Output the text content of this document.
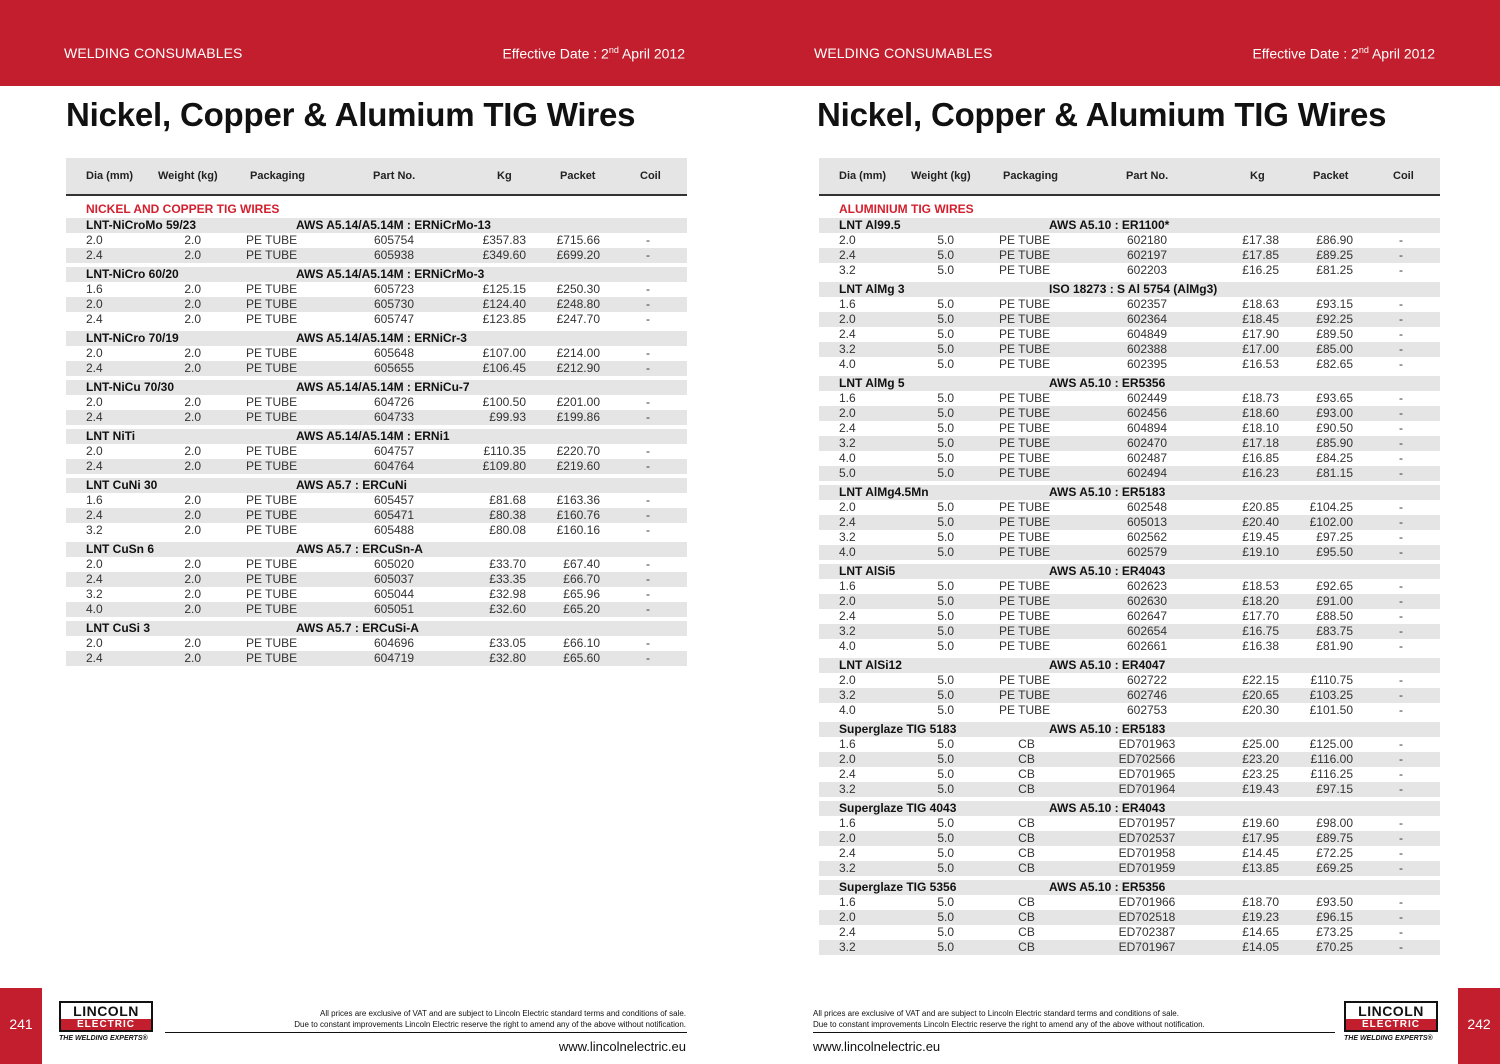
WELDING CONSUMABLES	Effective Date : 2nd April 2012
Nickel, Copper & Alumium TIG Wires
Dia (mm) Weight (kg)	Packaging	Part No.	Kg	Packet	Coil
NICKEL AND COPPER TIG WIRES
LNT-NiCroMo 59/23	AWS A5.14/A5.14M : ERNiCrMo-13
2.0	2.0	PE TUBE	605754	£357.83	£715.66	-
2.4	2.0	PE TUBE	605938	£349.60	£699.20	-
LNT-NiCro 60/20	AWS A5.14/A5.14M : ERNiCrMo-3
1.6	2.0	PE TUBE	605723	£125.15	£250.30	-
2.0	2.0	PE TUBE	605730	£124.40	£248.80	-
2.4	2.0	PE TUBE	605747	£123.85	£247.70	-
LNT-NiCro 70/19	AWS A5.14/A5.14M : ERNiCr-3
2.0	2.0	PE TUBE	605648	£107.00	£214.00	-
2.4	2.0	PE TUBE	605655	£106.45	£212.90	-
LNT-NiCu 70/30	AWS A5.14/A5.14M : ERNiCu-7
2.0	2.0	PE TUBE	604726	£100.50	£201.00	-
2.4	2.0	PE TUBE	604733	£99.93	£199.86	-
LNT NiTi	AWS A5.14/A5.14M : ERNi1
2.0	2.0	PE TUBE	604757	£110.35	£220.70	-
2.4	2.0	PE TUBE	604764	£109.80	£219.60	-
LNT CuNi 30	AWS A5.7 : ERCuNi
1.6	2.0	PE TUBE	605457	£81.68	£163.36	-
2.4	2.0	PE TUBE	605471	£80.38	£160.76	-
3.2	2.0	PE TUBE	605488	£80.08	£160.16	-
LNT CuSn 6	AWS A5.7 : ERCuSn-A
2.0	2.0	PE TUBE	605020	£33.70	£67.40	-
2.4	2.0	PE TUBE	605037	£33.35	£66.70	-
3.2	2.0	PE TUBE	605044	£32.98	£65.96	-
4.0	2.0	PE TUBE	605051	£32.60	£65.20	-
LNT CuSi 3	AWS A5.7 : ERCuSi-A
2.0	2.0	PE TUBE	604696	£33.05	£66.10	-
2.4	2.0	PE TUBE	604719	£32.80	£65.60	-
241
LINCOLN
ELECTRIC
THE WELDING EXPERTS®
All prices are exclusive of VAT and are subject to Lincoln Electric standard terms and conditions of sale.
Due to constant improvements Lincoln Electric reserve the right to amend any of the above without notification.
www.lincolnelectric.eu
WELDING CONSUMABLES	Effective Date : 2nd April 2012
Nickel, Copper & Alumium TIG Wires
Dia (mm) Weight (kg)	Packaging	Part No.	Kg	Packet	Coil
ALUMINIUM TIG WIRES
LNT Al99.5	AWS A5.10 : ER1100*
2.0	5.0	PE TUBE	602180	£17.38	£86.90	-
2.4	5.0	PE TUBE	602197	£17.85	£89.25	-
3.2	5.0	PE TUBE	602203	£16.25	£81.25	-
LNT AlMg 3	ISO 18273 : S Al 5754 (AlMg3)
1.6	5.0	PE TUBE	602357	£18.63	£93.15	-
2.0	5.0	PE TUBE	602364	£18.45	£92.25	-
2.4	5.0	PE TUBE	604849	£17.90	£89.50	-
3.2	5.0	PE TUBE	602388	£17.00	£85.00	-
4.0	5.0	PE TUBE	602395	£16.53	£82.65	-
LNT AlMg 5	AWS A5.10 : ER5356
1.6	5.0	PE TUBE	602449	£18.73	£93.65	-
2.0	5.0	PE TUBE	602456	£18.60	£93.00	-
2.4	5.0	PE TUBE	604894	£18.10	£90.50	-
3.2	5.0	PE TUBE	602470	£17.18	£85.90	-
4.0	5.0	PE TUBE	602487	£16.85	£84.25	-
5.0	5.0	PE TUBE	602494	£16.23	£81.15	-
LNT AlMg4.5Mn	AWS A5.10 : ER5183
2.0	5.0	PE TUBE	602548	£20.85	£104.25	-
2.4	5.0	PE TUBE	605013	£20.40	£102.00	-
3.2	5.0	PE TUBE	602562	£19.45	£97.25	-
4.0	5.0	PE TUBE	602579	£19.10	£95.50	-
LNT AlSi5	AWS A5.10 : ER4043
1.6	5.0	PE TUBE	602623	£18.53	£92.65	-
2.0	5.0	PE TUBE	602630	£18.20	£91.00	-
2.4	5.0	PE TUBE	602647	£17.70	£88.50	-
3.2	5.0	PE TUBE	602654	£16.75	£83.75	-
4.0	5.0	PE TUBE	602661	£16.38	£81.90	-
LNT AlSi12	AWS A5.10 : ER4047
2.0	5.0	PE TUBE	602722	£22.15	£110.75	-
3.2	5.0	PE TUBE	602746	£20.65	£103.25	-
4.0	5.0	PE TUBE	602753	£20.30	£101.50	-
Superglaze TIG 5183	AWS A5.10 : ER5183
1.6	5.0	CB	ED701963	£25.00	£125.00	-
2.0	5.0	CB	ED702566	£23.20	£116.00	-
2.4	5.0	CB	ED701965	£23.25	£116.25	-
3.2	5.0	CB	ED701964	£19.43	£97.15	-
Superglaze TIG 4043	AWS A5.10 : ER4043
1.6	5.0	CB	ED701957	£19.60	£98.00	-
2.0	5.0	CB	ED702537	£17.95	£89.75	-
2.4	5.0	CB	ED701958	£14.45	£72.25	-
3.2	5.0	CB	ED701959	£13.85	£69.25	-
Superglaze TIG 5356	AWS A5.10 : ER5356
1.6	5.0	CB	ED701966	£18.70	£93.50	-
2.0	5.0	CB	ED702518	£19.23	£96.15	-
2.4	5.0	CB	ED702387	£14.65	£73.25	-
3.2	5.0	CB	ED701967	£14.05	£70.25	-
242
LINCOLN
ELECTRIC
THE WELDING EXPERTS®
All prices are exclusive of VAT and are subject to Lincoln Electric standard terms and conditions of sale.
Due to constant improvements Lincoln Electric reserve the right to amend any of the above without notification.
www.lincolnelectric.eu
